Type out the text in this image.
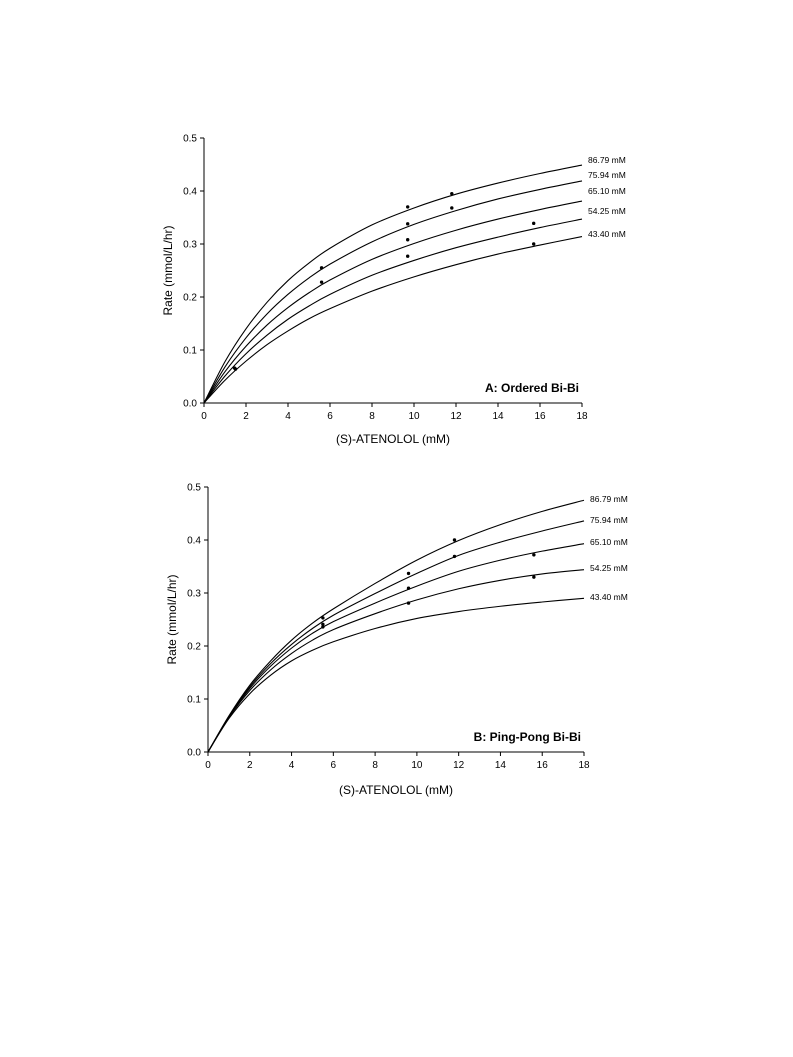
0	2	4	6	8	10	12	14	16	18
0.0
0.1
0.2
0.3
0.4
0.5
(S)-ATENOLOL (mM)
Rate (mmol/L/hr)
A: Ordered Bi-Bi
86.79 mM
75.94 mM
65.10 mM
54.25 mM
43.40 mM
0	2	4	6	8	10	12	14	16	18
0.0
0.1
0.2
0.3
0.4
0.5
(S)-ATENOLOL (mM)
Rate (mmol/L/hr)
B: Ping-Pong Bi-Bi
86.79 mM
75.94 mM
65.10 mM
54.25 mM
43.40 mM
